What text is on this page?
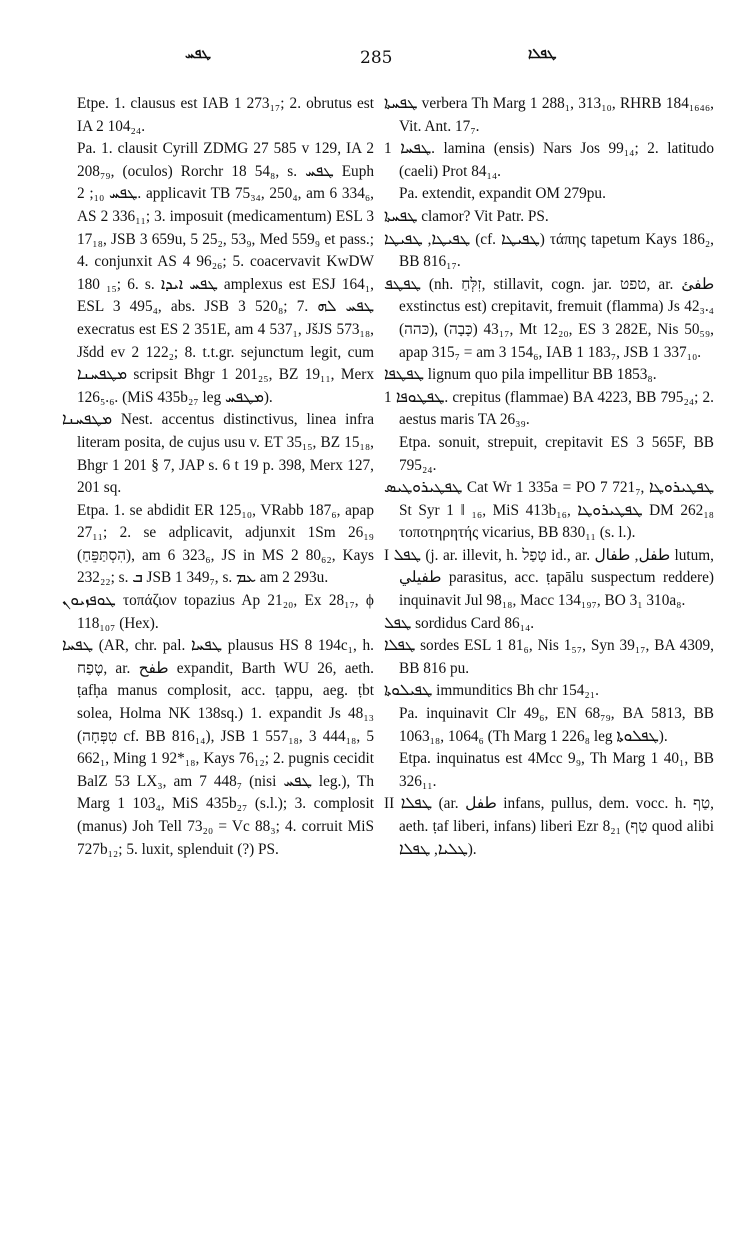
ܛܦܚ	285	ܛܦܠܐ

Etpe. 1. clausus est IAB 1 273₁₇; 2. obrutus est IA 2 104₂₄.

Pa. 1. clausit Cyrill ZDMG 27 585 v 129, IA 2 208₇₉, (oculos) Rorchr 18 54₈, s. ܛܦܚ Euph ܛܦܚ ₁₀; 2. applicavit TB 75₃₄, 250₄, am 6 334₆, AS 2 336₁₁; 3. imposuit (medicamentum) ESL 3 17₁₈, JSB 3 659u, 5 25₂, 53₉, Med 559₉ et pass.; 4. conjunxit AS 4 96₂₆; 5. coacervavit KwDW 180 ₁₅; 6. s. ܛܦܚ ܐܝܕܐ amplexus est ESJ 164₁, ESL 3 495₄, abs. JSB 3 520₈; 7. ܛܦܚ ܠܗ execratus est ES 2 351E, am 4 537₁, JšJS 573₁₈, Jšdd ev 2 122₂; 8. t.t.gr. sejunctum legit, cum ܡܛܦܚܢܐ scripsit Bhgr 1 201₂₅, BZ 19₁₁, Merx 126₅.₆. (MiS 435b₂₇ leg ܡܛܦܚ).

ܡܛܦܚܢܐ Nest. accentus distinctivus, linea infra literam posita, de cujus usu v. ET 35₁₅, BZ 15₁₈, Bhgr 1 201 § 7, JAP s. 6 t 19 p. 398, Merx 127, 201 sq.

Etpa. 1. se abdidit ER 125₁₀, VRabb 187₆, apap 27₁₁; 2. se adplicavit, adjunxit 1Sm 26₁₉ (הִסְתַּפֵּחַ), am 6 323₆, JS in MS 2 80₆₂, Kays 232₂₂; s. ܒ JSB 1 349₇, s. ܥܡ am 2 293u.

ܛܘܦܙܝܘܢ τοπάζιον topazius Ap 21₂₀, Ex 28₁₇, ϕ 118₁₀₇ (Hex).

ܛܦܚܐ (AR, chr. pal. ܛܦܚܐ plausus HS 8 194c₁, h. טֶפַח, ar. طفح expandit, Barth WU 26, aeth. ṭafḥa manus complosit, acc. ṭappu, aeg. ṭbt solea, Holma NK 138sq.) 1. expandit Js 48₁₃ (טִפְּחָה cf. BB 816₁₄), JSB 1 557₁₈, 3 444₁₈, 5 662₁, Ming 1 92*₁₈, Kays 76₁₂; 2. pugnis cecidit BalZ 53 LX₃, am 7 448₇ (nisi ܛܦܚ leg.), Th Marg 1 103₄, MiS 435b₂₇ (s.l.); 3. complosit (manus) Joh Tell 73₂₀ = Vc 88₃; 4. corruit MiS 727b₁₂; 5. luxit, splenduit (?) PS.

ܛܦܚܬܐ verbera Th Marg 1 288₁, 313₁₀, RHRB 184₁₆₄₆, Vit. Ant. 17₇.

ܛܦܚܐ 1. lamina (ensis) Nars Jos 99₁₄; 2. latitudo (caeli) Prot 84₁₄.

Pa. extendit, expandit OM 279pu.

ܛܦܚܬܐ clamor? Vit Patr. PS.

ܛܦܝܛܐ, ܛܦܝܛܐ (cf. ܛܦܝܛܐ) τάπης tapetum Kays 186₂, BB 816₁₇.

ܛܦܛܦ (nh. זִלְּחַ, stillavit, cogn. jar. טפט, ar. طفئ exstinctus est) crepitavit, fremuit (flamma) Js 42₃.₄ (כּהה), 43₁₇ (כָּבָה), Mt 12₂₀, ES 3 282E, Nis 50₅₉, apap 315₇ = am 3 154₆, IAB 1 183₇, JSB 1 337₁₀.

ܛܦܛܦܐ lignum quo pila impellitur BB 1853₈.

ܛܦܛܘܦܐ 1. crepitus (flammae) BA 4223, BB 795₂₄; 2. aestus maris TA 26₃₉.

Etpa. sonuit, strepuit, crepitavit ES 3 565F, BB 795₂₄.

ܛܦܛܝܪܘܛܝܣ Cat Wr 1 335a = PO 7 721₇, ܛܦܛܝܪܘܛܐ St Syr 1 ‖ ₁₆, MiS 413b₁₆, ܛܦܛܝܪܘܛܐ DM 262₁₈ τοποτηρητής vicarius, BB 830₁₁ (s. l.).

I ܛܦܠ (j. ar. illevit, h. טָפַל id., ar. طفل, طفال lutum, طفيلي parasitus, acc. ṭapālu suspectum reddere) inquinavit Jul 98₁₈, Macc 134₁₉₇, BO 3₁ 310a₈.

ܛܦܠ sordidus Card 86₁₄.

ܛܦܠܐ sordes ESL 1 81₆, Nis 1₅₇, Syn 39₁₇, BA 4309, BB 816 pu.

ܛܦܝܠܘܬܐ immunditics Bh chr 154₂₁.

Pa. inquinavit Clr 49₆, EN 68₇₉, BA 5813, BB 1063₁₈, 1064₆ (Th Marg 1 226₈ leg ܛܦܠܘܬܐ).

Etpa. inquinatus est 4Mcc 9₉, Th Marg 1 40₁, BB 326₁₁.

II ܛܦܠܐ (ar. طفل infans, pullus, dem. vocc. h. טַף, aeth. ṭaf liberi, infans) liberi Ezr 8₂₁ (טַף quod alibi ܛܠܝܐ, ܛܦܠܐ).
